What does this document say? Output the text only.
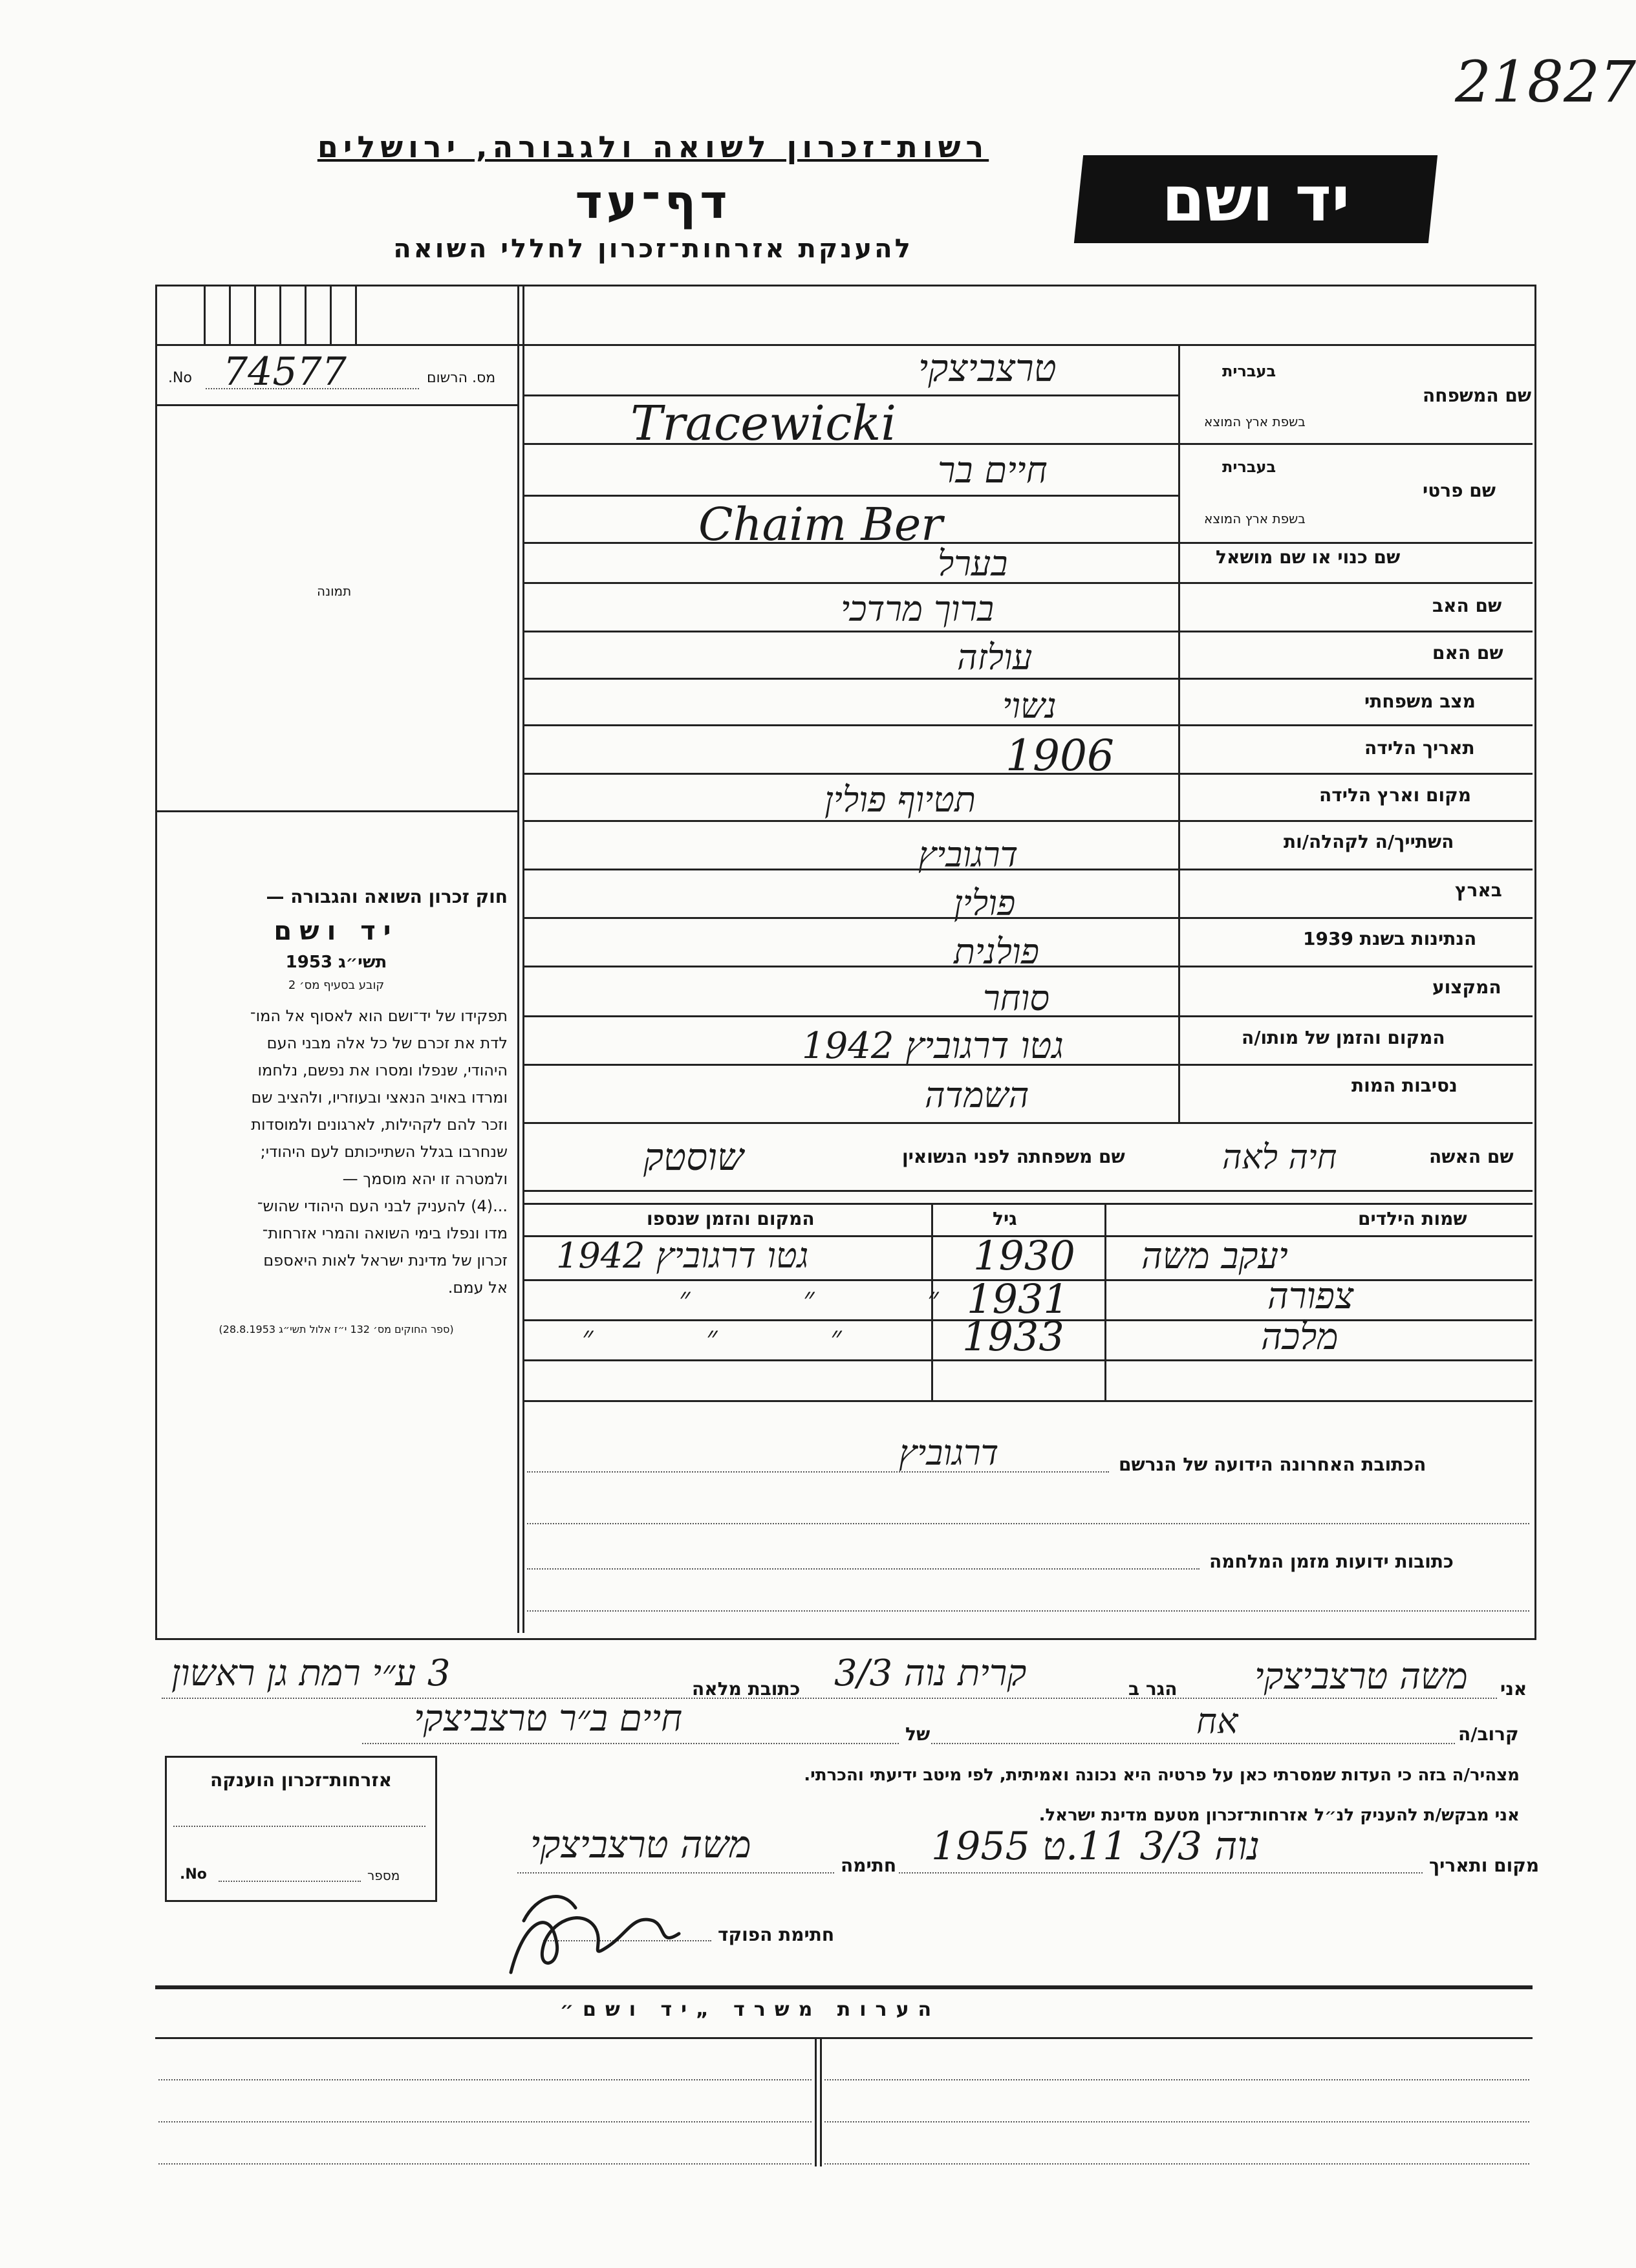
21827
רשות־זכרון לשואה ולגבורה, ירושלים
דף־עד
להענקת אזרחות־זכרון לחללי השואה
יד ושם
No. 74577	מס. הרשום
תמונה

חוק זכרון השואה והגבורה —

יד ושם

תשי״ג 1953

קובע בסעיף מס׳ 2

תפקידו של יד־ושם הוא לאסוף אל המו־

לדת את זכרם של כל אלה מבני העם

היהודי, שנפלו ומסרו את נפשם, נלחמו

ומרדו באויב הנאצי ובעוזריו, ולהציב שם

וזכר להם לקהילות, לארגונים ולמוסדות

שנחרבו בגלל השתייכותם לעם היהודי;

ולמטרה זו יהא מוסמך —

...(4) להעניק לבני העם היהודי שהוש־

מדו ונפלו בימי השואה והמרי אזרחות־

זכרון של מדינת ישראל לאות היאספם

אל עמם.

(ספר החוקים מס׳ 132 י״ז אלול תשי״ג 28.8.1953)

בעברית
שם המשפחה
בשפת ארץ המוצא
טרצביצקי
Tracewicki
בעברית
שם פרטי
בשפת ארץ המוצא
חיים בר
Chaim Ber
שם כנוי או שם מושאל
בערל
שם האב
ברוך מרדכי
שם האם
עולזה
מצב משפחתי
נשוי
תאריך הלידה
1906
מקום וארץ הלידה
תטיוף פולין
השתייך/ה לקהלה/ות
דרגוביץ
בארץ
פולין
הנתינות בשנת 1939
פולנית
המקצוע
סוחר
המקום והזמן של מותו/ה
גטו דרגוביץ 1942
נסיבות המות
השמדה
שם האשה
חיה לאה
שם משפחתה לפני הנשואין
שוסטק
שמות הילדים
גיל
המקום והזמן שנספו
יעקב משה
1930
גטו דרגוביץ 1942
צפורה
1931
״ ״ ״
מלכה
1933
״ ״ ״
הכתובת האחרונה הידועה של הנרשם
דרגוביץ
כתובות ידועות מזמן המלחמה
אני
משה טרצביצקי
הגר ב
קרית נוה 3/3
כתובת מלאה
3 ע״י רמת גן ראשון
קרוב/ה
אח
של
חיים ב״ר טרצביצקי
מצהיר/ה בזה כי העדות שמסרתי כאן על פרטיה היא נכונה ואמיתית, לפי מיטב ידיעתי והכרתי.
אני מבקש/ת להעניק לנ״ל אזרחות־זכרון מטעם מדינת ישראל.
מקום ותאריך
נוה 3/3 11.ט 1955
חתימה
משה טרצביצקי
חתימת הפוקד
אזרחות־זכרון הוענקה
No.	מספר
הערות משרד „יד ושם״
